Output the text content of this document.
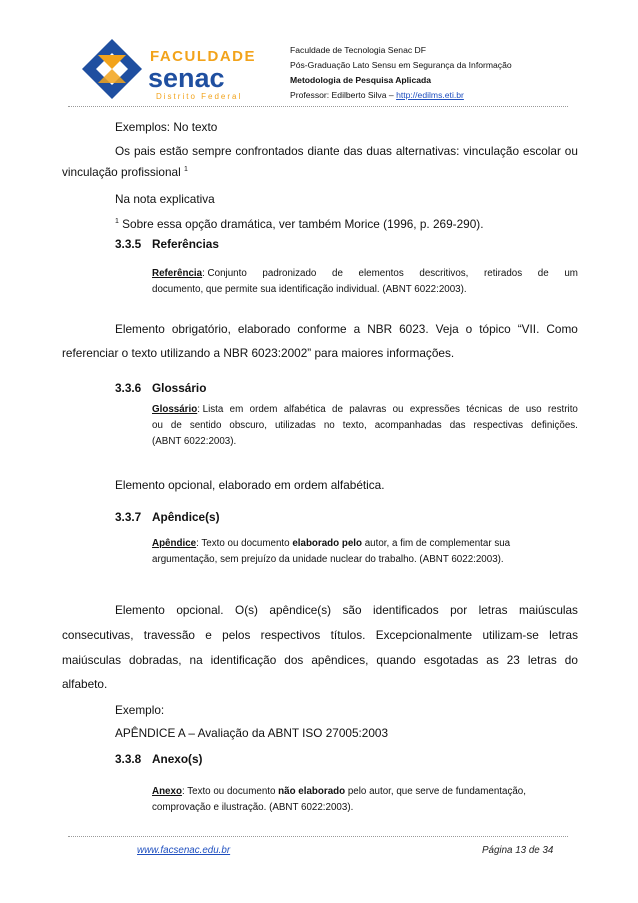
FACULDADE
senac
Distrito Federal
Faculdade de Tecnologia Senac DF
Pós-Graduação Lato Sensu em Segurança da Informação
Metodologia de Pesquisa Aplicada
Professor: Edilberto Silva – http://edilms.eti.br
Exemplos: No texto
Os pais estão sempre confrontados diante das duas alternativas: vinculação escolar ou
vinculação profissional $^1$
Na nota explicativa
$^1$ Sobre essa opção dramática, ver também Morice (1996, p. 269-290).
3.3.5 Referências
Referência: Conjunto padronizado de elementos descritivos, retirados de um
documento, que permite sua identificação individual. (ABNT 6022:2003).
Elemento obrigatório, elaborado conforme a NBR 6023. Veja o tópico “VII. Como
referenciar o texto utilizando a NBR 6023:2002” para maiores informações.
3.3.6 Glossário
Glossário: Lista em ordem alfabética de palavras ou expressões técnicas de uso restrito
ou de sentido obscuro, utilizadas no texto, acompanhadas das respectivas definições.
(ABNT 6022:2003).
Elemento opcional, elaborado em ordem alfabética.
3.3.7 Apêndice(s)
Apêndice: Texto ou documento elaborado pelo autor, a fim de complementar sua
argumentação, sem prejuízo da unidade nuclear do trabalho. (ABNT 6022:2003).
Elemento opcional. O(s) apêndice(s) são identificados por letras maiúsculas
consecutivas, travessão e pelos respectivos títulos. Excepcionalmente utilizam-se letras
maiúsculas dobradas, na identificação dos apêndices, quando esgotadas as 23 letras do
alfabeto.
Exemplo:
APÊNDICE A – Avaliação da ABNT ISO 27005:2003
3.3.8 Anexo(s)
Anexo: Texto ou documento não elaborado pelo autor, que serve de fundamentação,
comprovação e ilustração. (ABNT 6022:2003).
www.facsenac.edu.br	Página 13 de 34
